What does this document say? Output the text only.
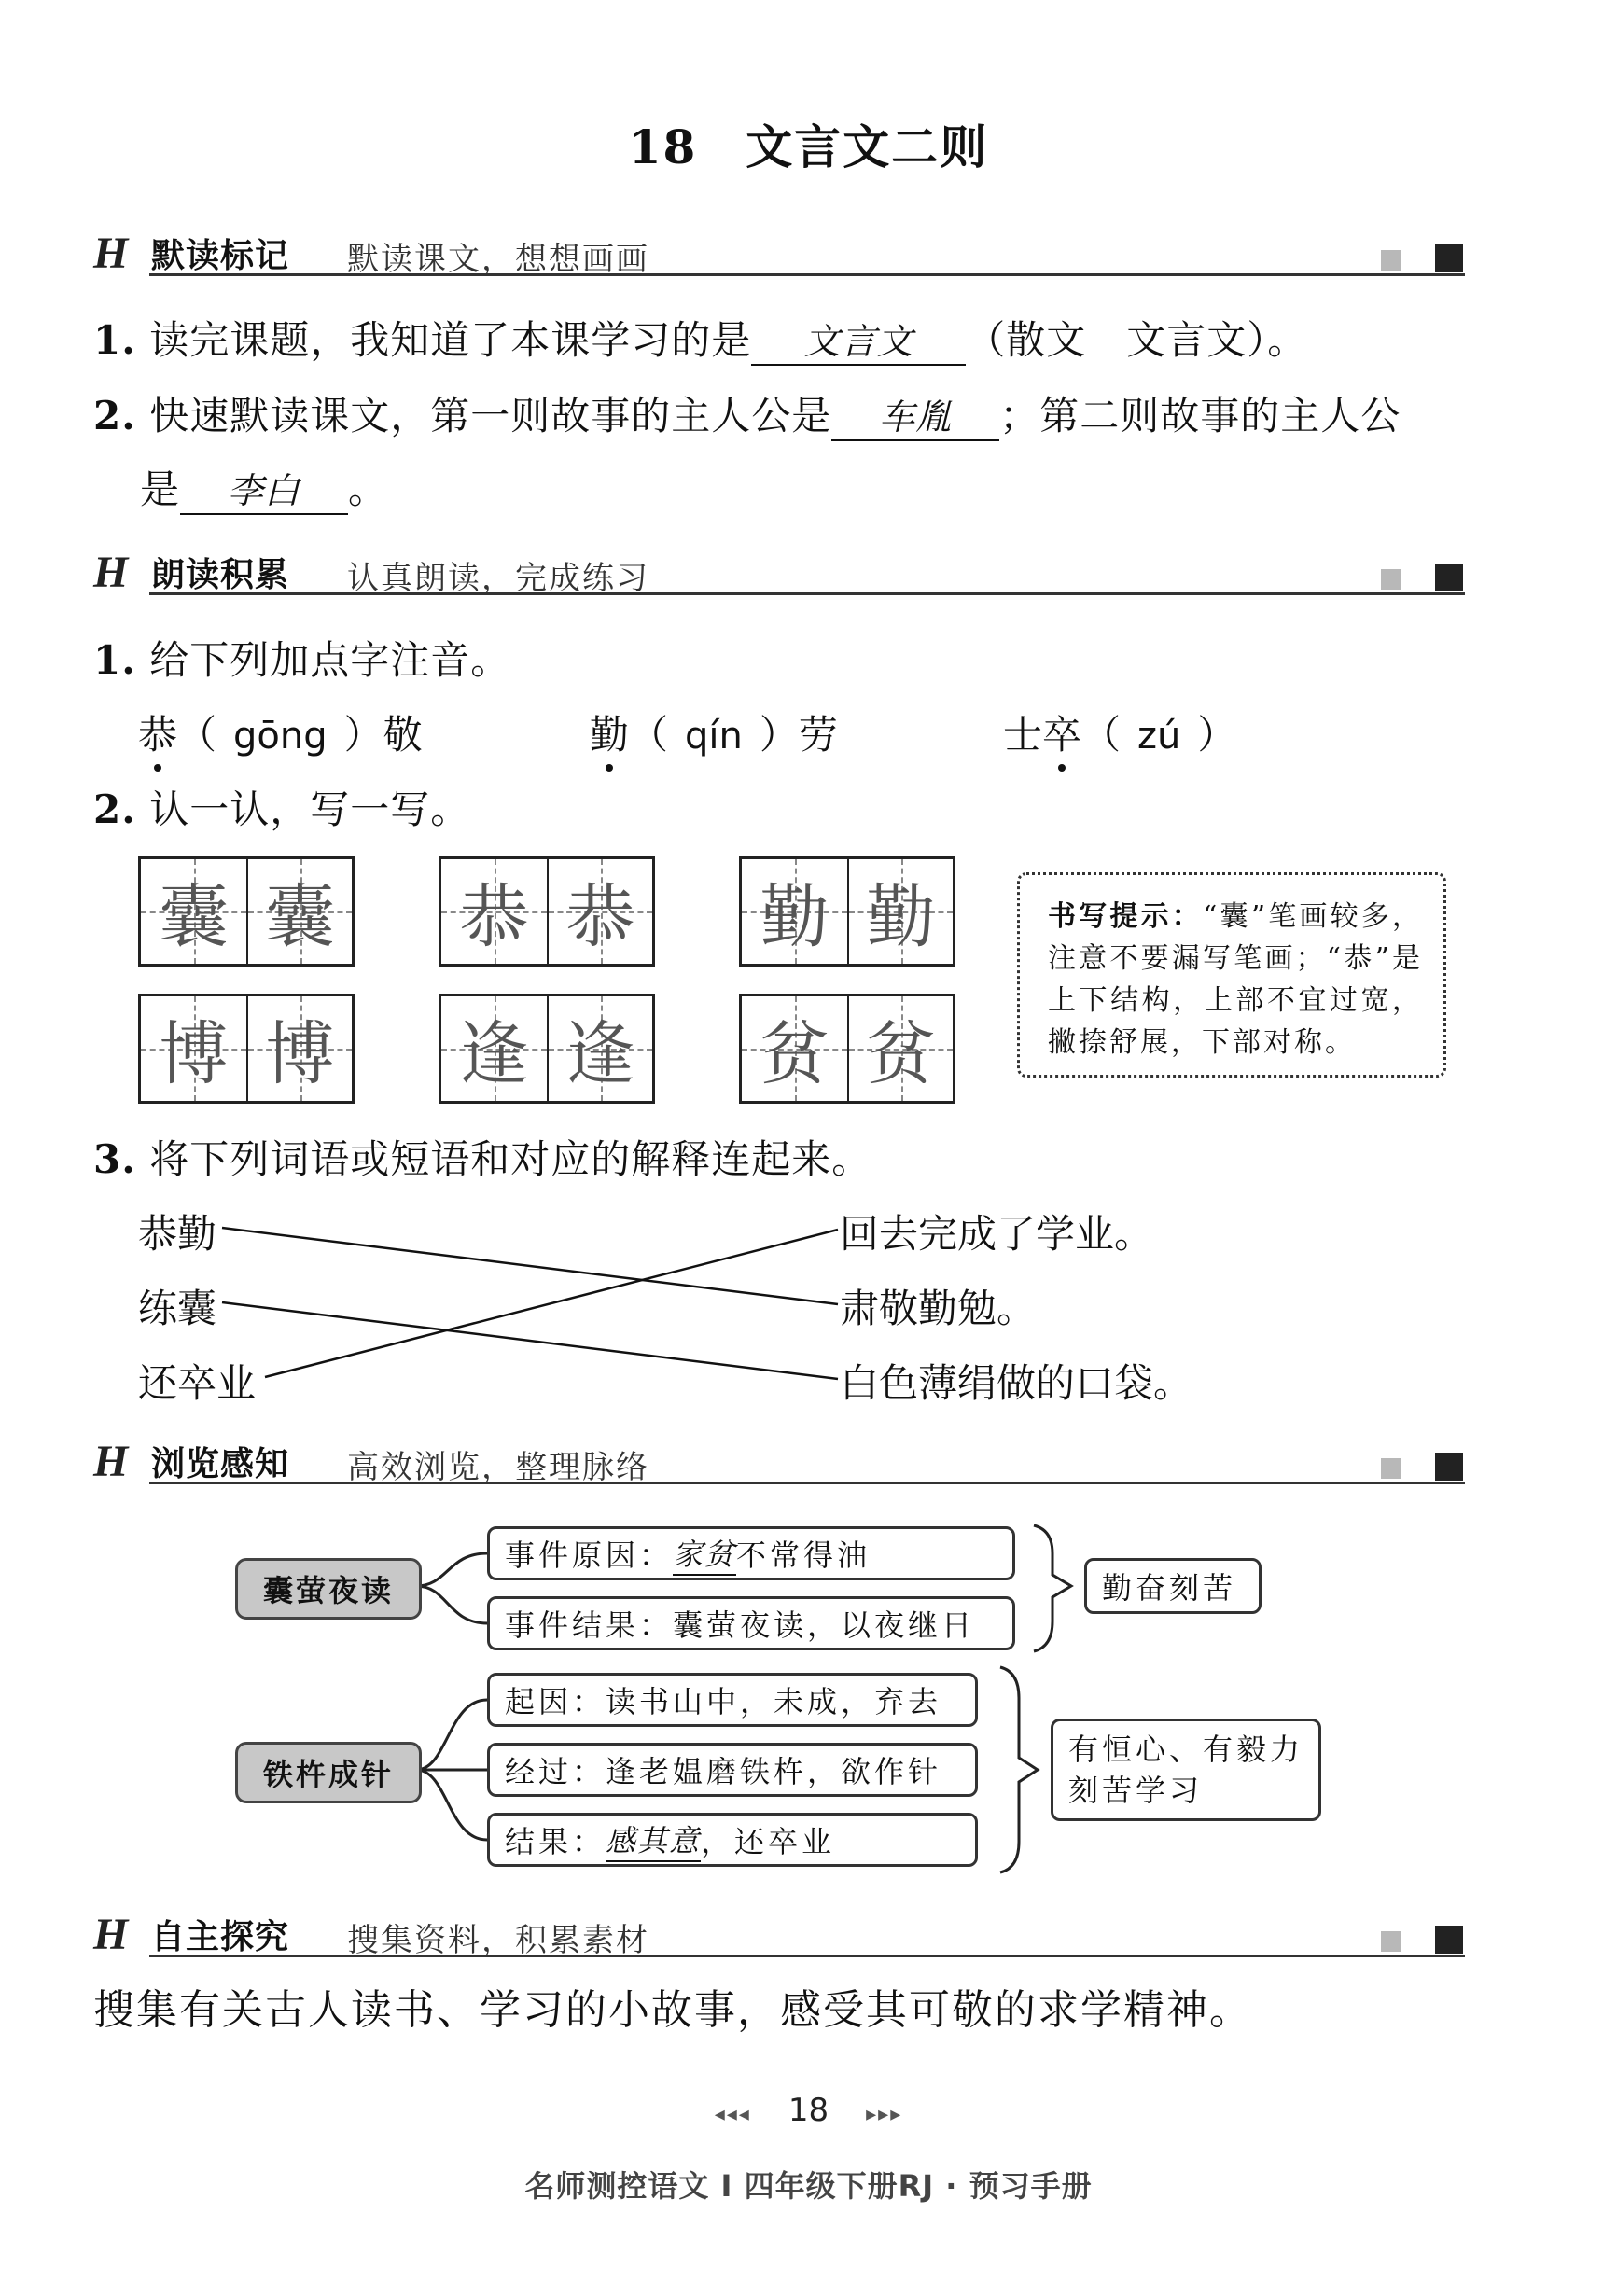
18 文言文二则
H 默读标记 默读课文，想想画画
1. 读完课题，我知道了本课学习的是 文言文 （散文　文言文）。
2. 快速默读课文，第一则故事的主人公是 车胤 ；第二则故事的主人公
是 李白 。
H 朗读积累 认真朗读，完成练习
1. 给下列加点字注音。
恭（ gōng ）敬	勤（ qín ）劳	士卒（ zú ）
2. 认一认，写一写。
囊 囊 恭 恭 勤 勤
博 博 逢 逢 贫 贫

书写提示：“囊”笔画较多，注意不要漏写笔画；“恭”是上下结构，上部不宜过宽，撇捺舒展，下部对称。

3. 将下列词语或短语和对应的解释连起来。
恭勤
练囊
还卒业
回去完成了学业。
肃敬勤勉。
白色薄绢做的口袋。
H 浏览感知 高效浏览，整理脉络
囊萤夜读
事件原因： 家贫 不常得油
事件结果： 囊萤夜读，以夜继日
勤奋刻苦
铁杵成针
起因： 读书山中，未成，弃去
经过： 逢老媪磨铁杵，欲作针
结果： 感其意 ，还卒业
有恒心、有毅力
刻苦学习
H 自主探究 搜集资料，积累素材
搜集有关古人读书、学习的小故事，感受其可敬的求学精神。
◂◂◂ 18 ▸▸▸
名师测控语文 I 四年级下册RJ · 预习手册
